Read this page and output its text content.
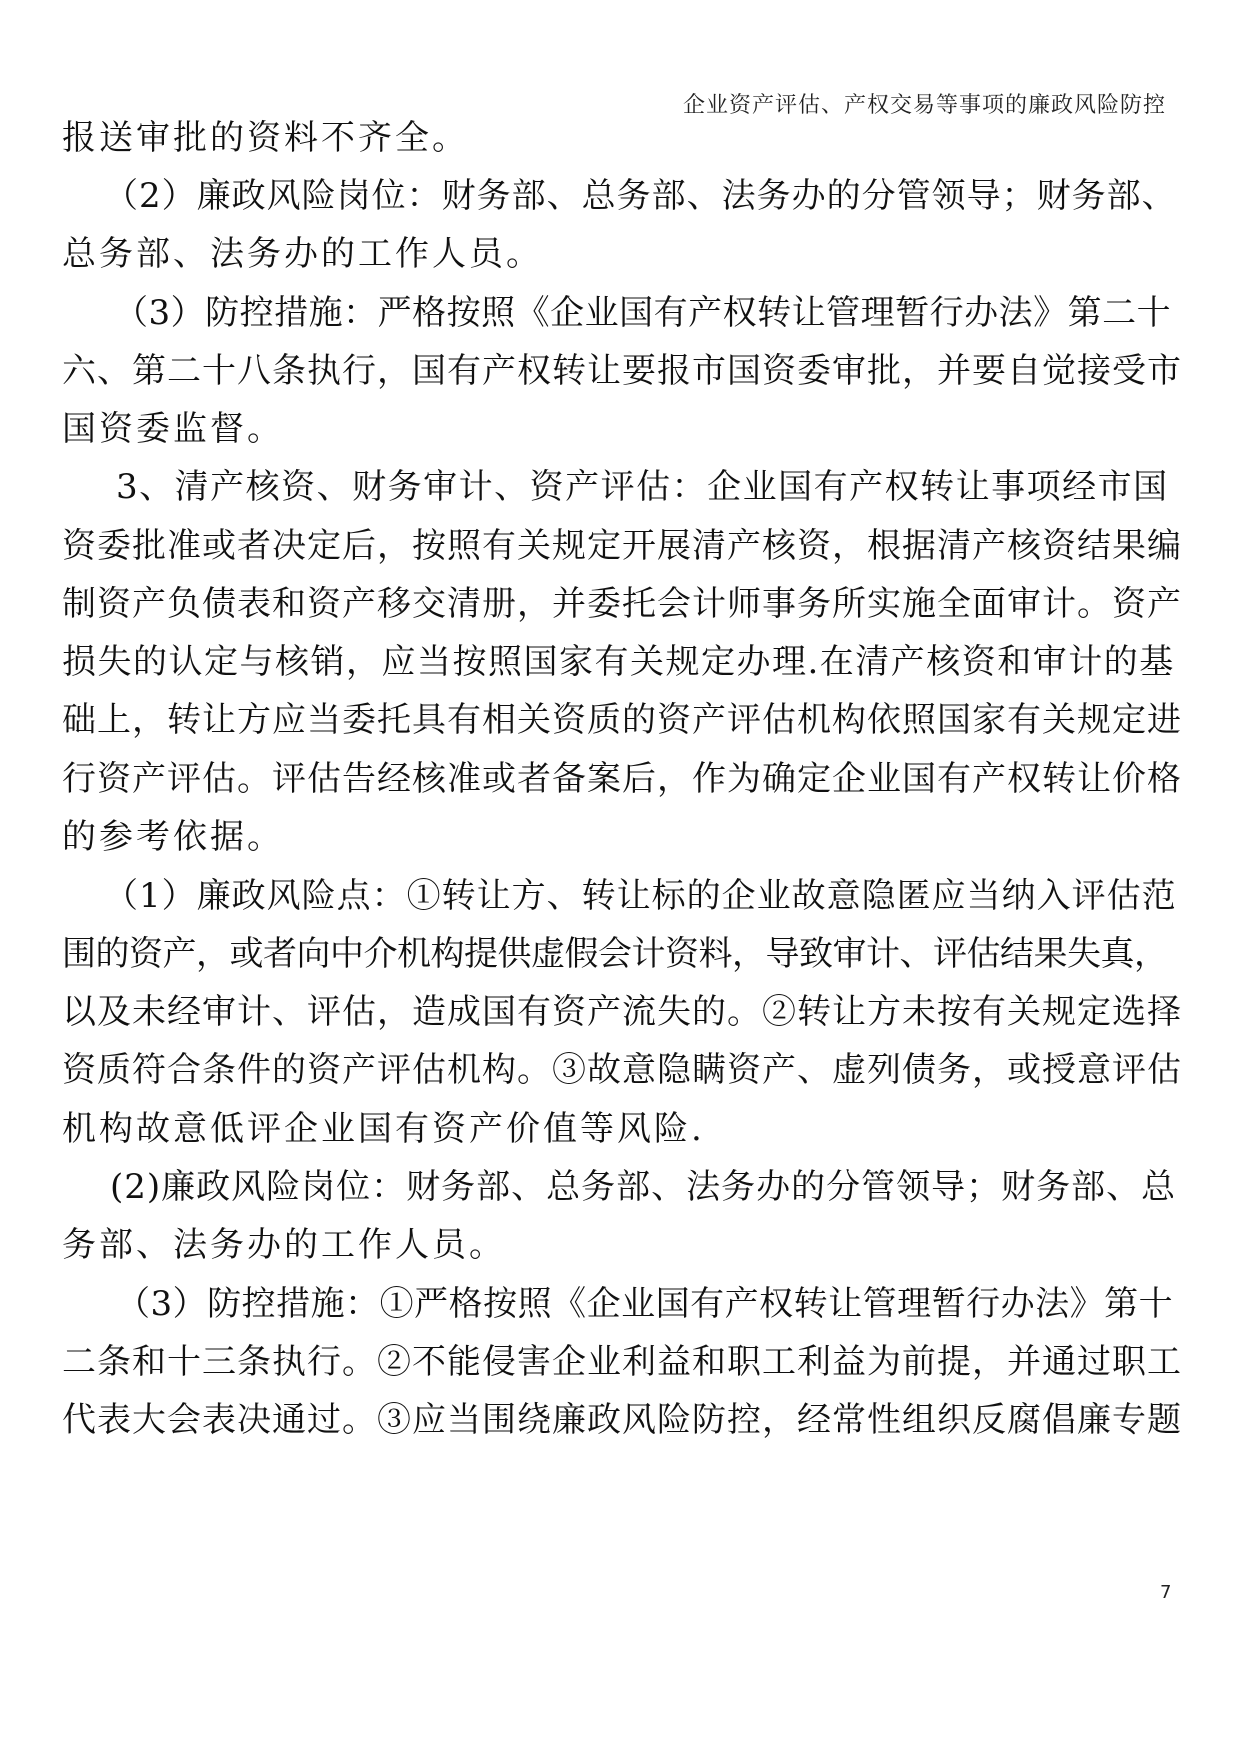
企业资产评估、产权交易等事项的廉政风险防控
报送审批的资料不齐全。
（2）廉政风险岗位：财务部、总务部、法务办的分管领导；财务部、
总务部、法务办的工作人员。
（3）防控措施：严格按照《企业国有产权转让管理暂行办法》第二十
六、第二十八条执行，国有产权转让要报市国资委审批，并要自觉接受市
国资委监督。
3、清产核资、财务审计、资产评估：企业国有产权转让事项经市国
资委批准或者决定后，按照有关规定开展清产核资，根据清产核资结果编
制资产负债表和资产移交清册，并委托会计师事务所实施全面审计。资产
损失的认定与核销，应当按照国家有关规定办理.在清产核资和审计的基
础上，转让方应当委托具有相关资质的资产评估机构依照国家有关规定进
行资产评估。评估告经核准或者备案后，作为确定企业国有产权转让价格
的参考依据。
（1）廉政风险点：①转让方、转让标的企业故意隐匿应当纳入评估范
围的资产，或者向中介机构提供虚假会计资料，导致审计、评估结果失真，
以及未经审计、评估，造成国有资产流失的。②转让方未按有关规定选择
资质符合条件的资产评估机构。③故意隐瞒资产、虚列债务，或授意评估
机构故意低评企业国有资产价值等风险.
(2)廉政风险岗位：财务部、总务部、法务办的分管领导；财务部、总
务部、法务办的工作人员。
（3）防控措施：①严格按照《企业国有产权转让管理暂行办法》第十
二条和十三条执行。②不能侵害企业利益和职工利益为前提，并通过职工
代表大会表决通过。③应当围绕廉政风险防控，经常性组织反腐倡廉专题
7
